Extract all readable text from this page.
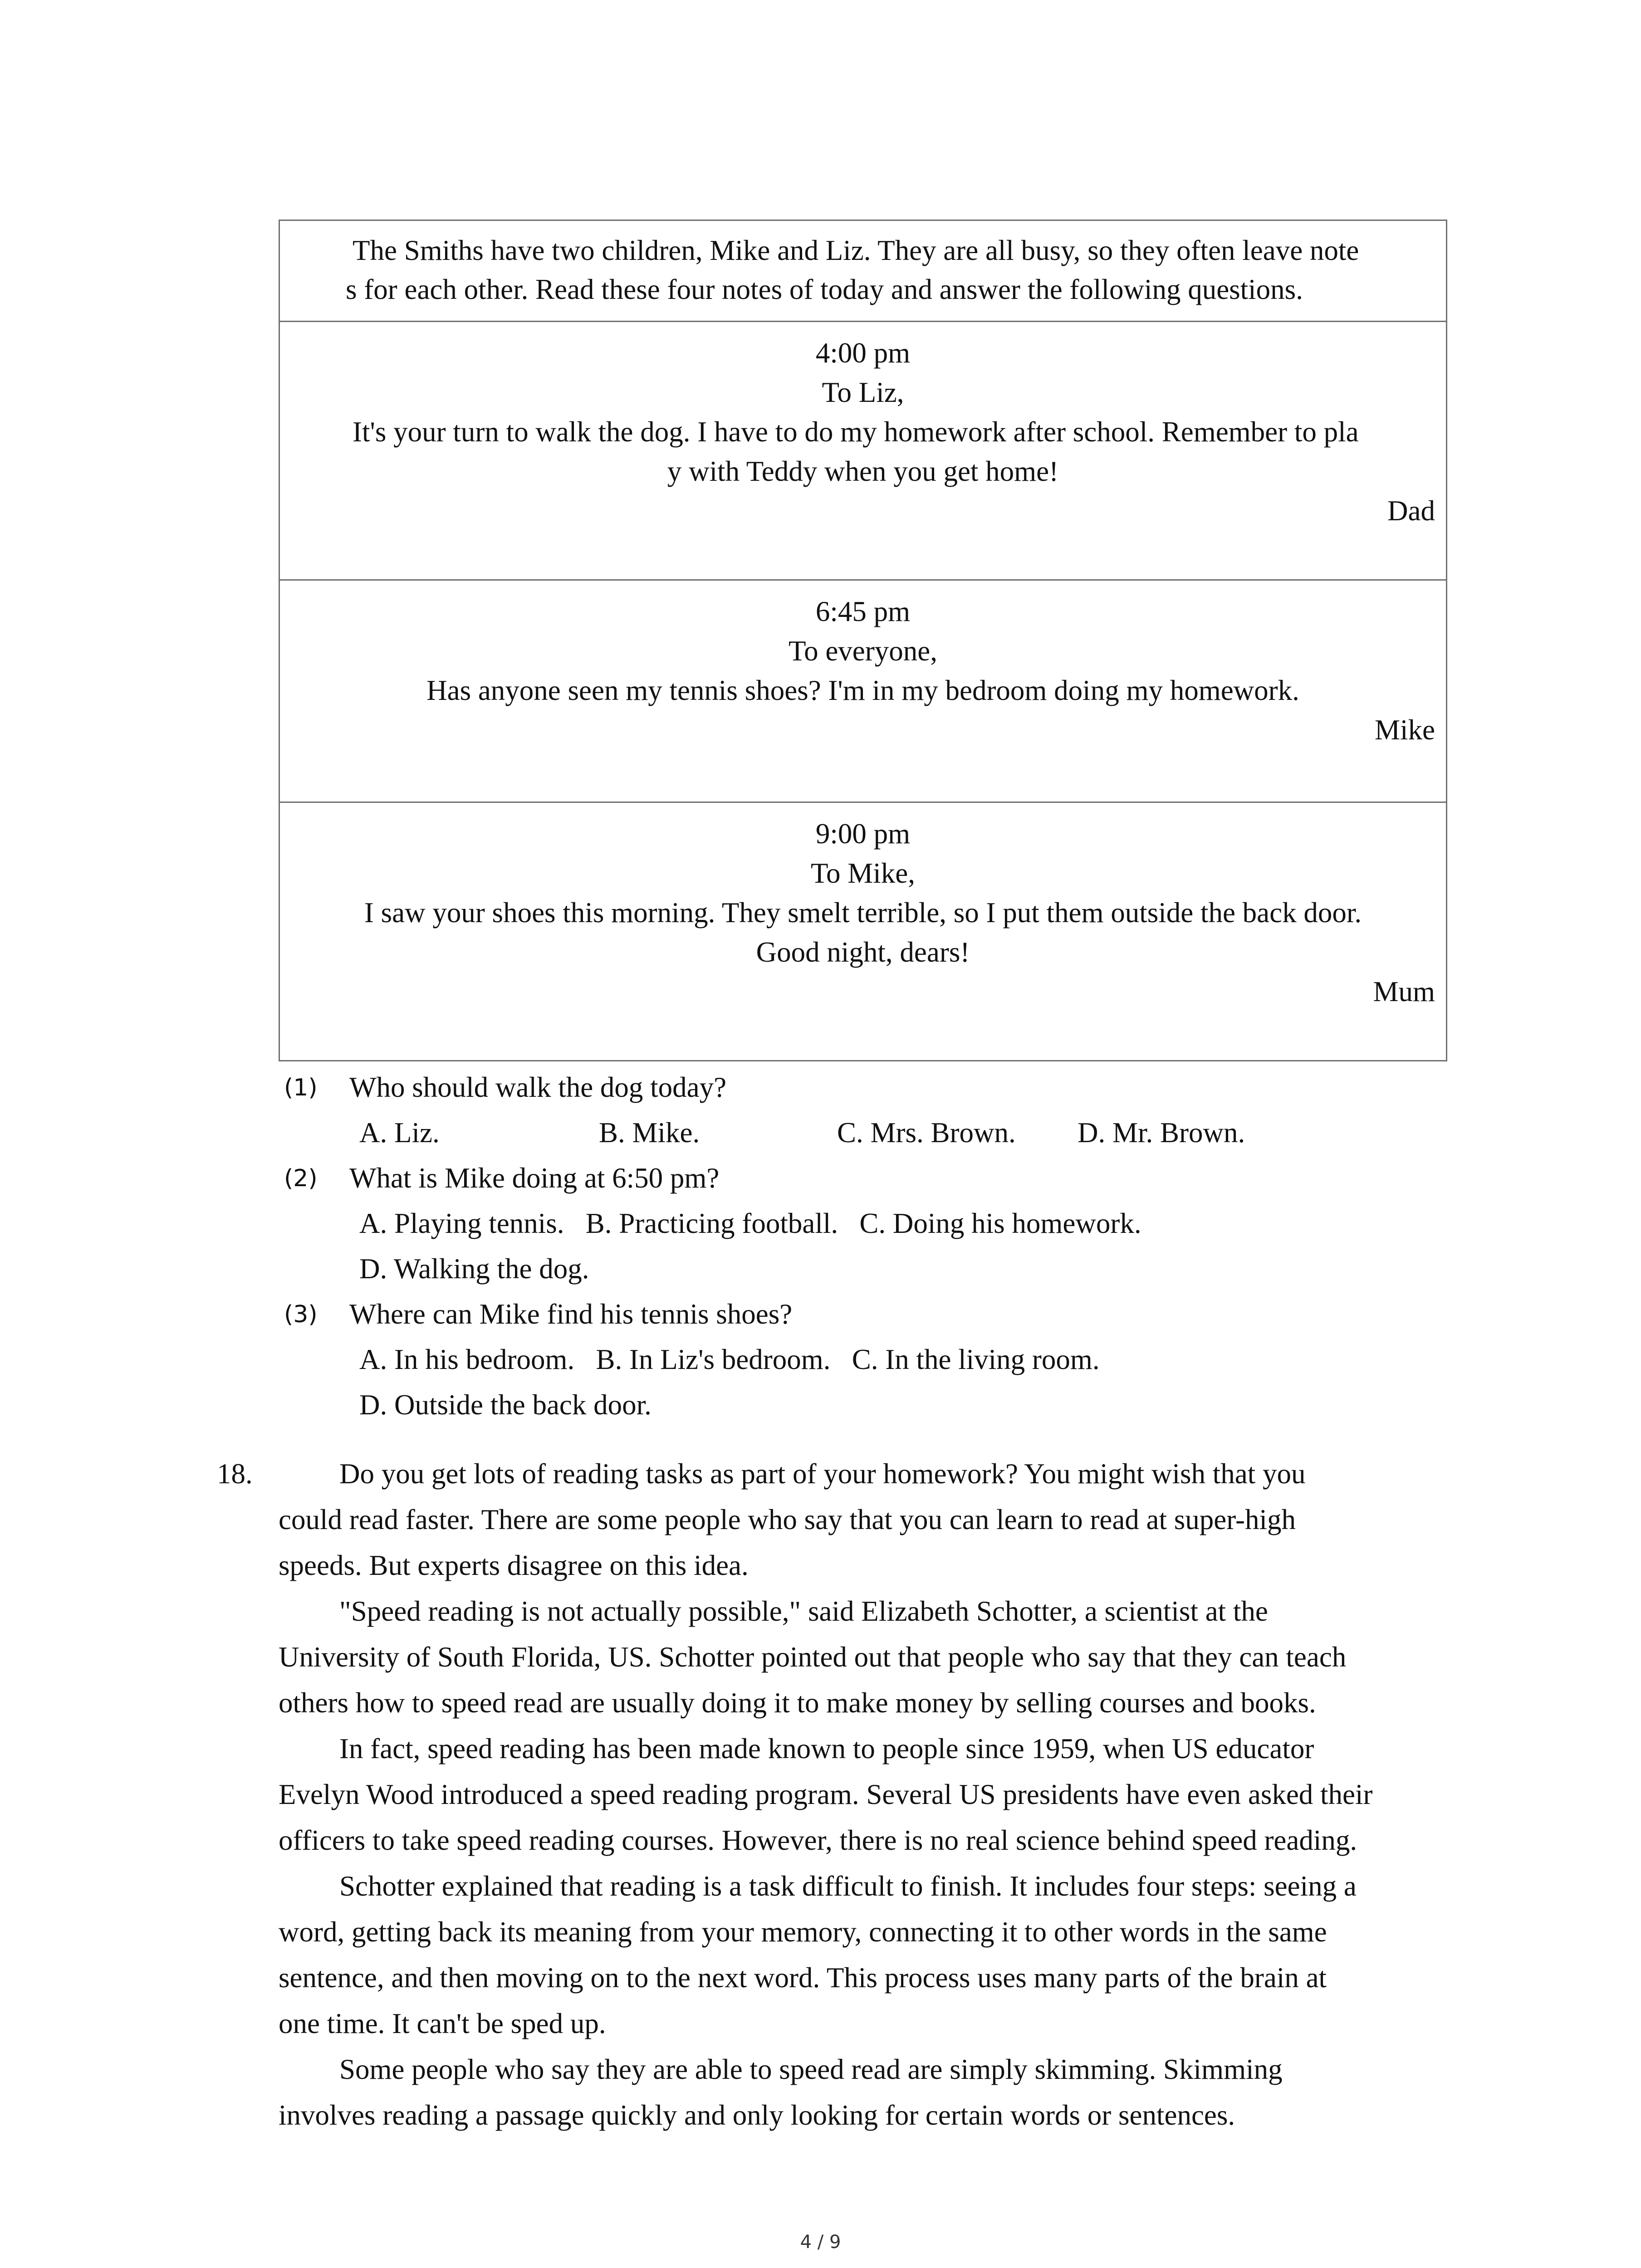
The Smiths have two children, Mike and Liz. They are all busy, so they often leave note
s for each other. Read these four notes of today and answer the following questions.
4:00 pm
To Liz,
It's your turn to walk the dog. I have to do my homework after school. Remember to pla
y with Teddy when you get home!
Dad
6:45 pm
To everyone,
Has anyone seen my tennis shoes? I'm in my bedroom doing my homework.
Mike
9:00 pm
To Mike,
I saw your shoes this morning. They smelt terrible, so I put them outside the back door.
Good night, dears!
Mum
(1) Who should walk the dog today?
A. Liz.	B. Mike.	C. Mrs. Brown. D. Mr. Brown.
(2) What is Mike doing at 6:50 pm?
A. Playing tennis.   B. Practicing football.   C. Doing his homework.
D. Walking the dog.
(3) Where can Mike find his tennis shoes?
A. In his bedroom.   B. In Liz's bedroom.   C. In the living room.
D. Outside the back door.
18.	Do you get lots of reading tasks as part of your homework? You might wish that you
could read faster. There are some people who say that you can learn to read at super-high
speeds. But experts disagree on this idea.
"Speed reading is not actually possible," said Elizabeth Schotter, a scientist at the
University of South Florida, US. Schotter pointed out that people who say that they can teach
others how to speed read are usually doing it to make money by selling courses and books.
In fact, speed reading has been made known to people since 1959, when US educator
Evelyn Wood introduced a speed reading program. Several US presidents have even asked their
officers to take speed reading courses. However, there is no real science behind speed reading.
Schotter explained that reading is a task difficult to finish. It includes four steps: seeing a
word, getting back its meaning from your memory, connecting it to other words in the same
sentence, and then moving on to the next word. This process uses many parts of the brain at
one time. It can't be sped up.
Some people who say they are able to speed read are simply skimming. Skimming
involves reading a passage quickly and only looking for certain words or sentences.
4 / 9
